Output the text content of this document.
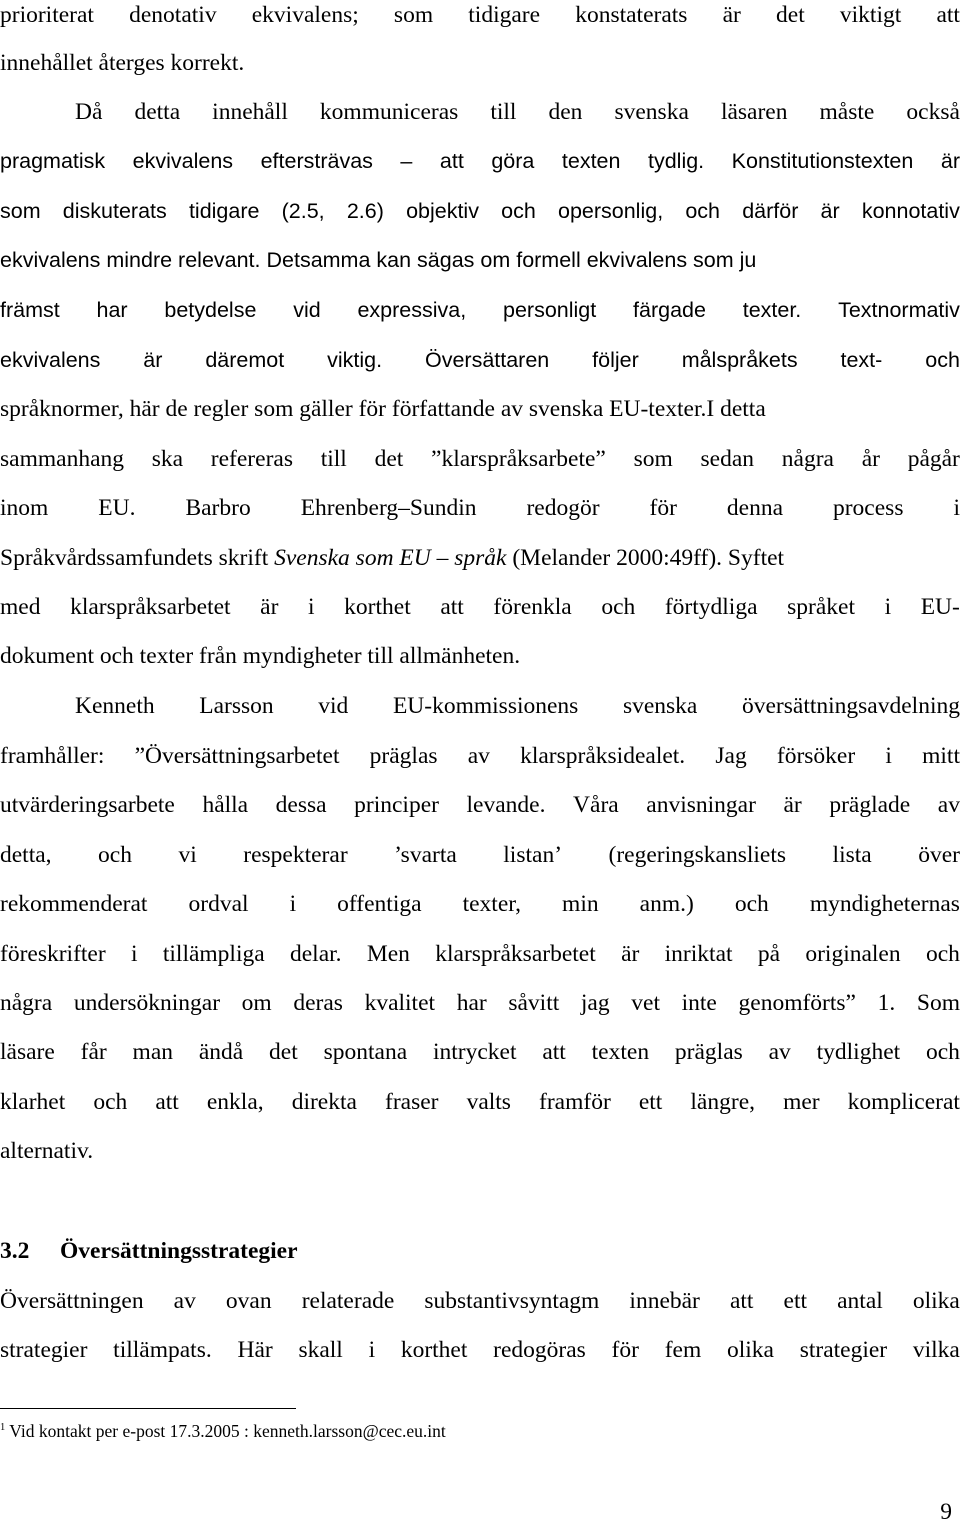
prioriterat denotativ ekvivalens; som tidigare konstaterats är det viktigt att
innehållet återges korrekt.
Då detta innehåll kommuniceras till den svenska läsaren måste också
pragmatisk ekvivalens eftersträvas – att göra texten tydlig. Konstitutionstexten är
som diskuterats tidigare (2.5, 2.6) objektiv och opersonlig, och därför är konnotativ
ekvivalens mindre relevant. Detsamma kan sägas om formell ekvivalens som ju
främst har betydelse vid expressiva, personligt färgade texter. Textnormativ
ekvivalens är däremot viktig. Översättaren följer målspråkets text- och
språknormer, här de regler som gäller för författande av svenska EU-texter.I detta
sammanhang ska refereras till det ”klarspråksarbete” som sedan några år pågår
inom EU. Barbro Ehrenberg–Sundin redogör för denna process i
Språkvårdssamfundets skrift Svenska som EU – språk (Melander 2000:49ff). Syftet
med klarspråksarbetet är i korthet att förenkla och förtydliga språket i EU-
dokument och texter från myndigheter till allmänheten.
Kenneth Larsson vid EU-kommissionens svenska översättningsavdelning
framhåller: ”Översättningsarbetet präglas av klarspråksidealet. Jag försöker i mitt
utvärderingsarbete hålla dessa principer levande. Våra anvisningar är präglade av
detta, och vi respekterar ’svarta listan’ (regeringskansliets lista över
rekommenderat ordval i offentiga texter, min anm.) och myndigheternas
föreskrifter i tillämpliga delar. Men klarspråksarbetet är inriktat på originalen och
några undersökningar om deras kvalitet har såvitt jag vet inte genomförts” 1. Som
läsare får man ändå det spontana intrycket att texten präglas av tydlighet och
klarhet och att enkla, direkta fraser valts framför ett längre, mer komplicerat
alternativ.
3.2 Översättningsstrategier
Översättningen av ovan relaterade substantivsyntagm innebär att ett antal olika
strategier tillämpats. Här skall i korthet redogöras för fem olika strategier vilka
$^1$ Vid kontakt per e-post 17.3.2005 : kenneth.larsson@cec.eu.int
9
